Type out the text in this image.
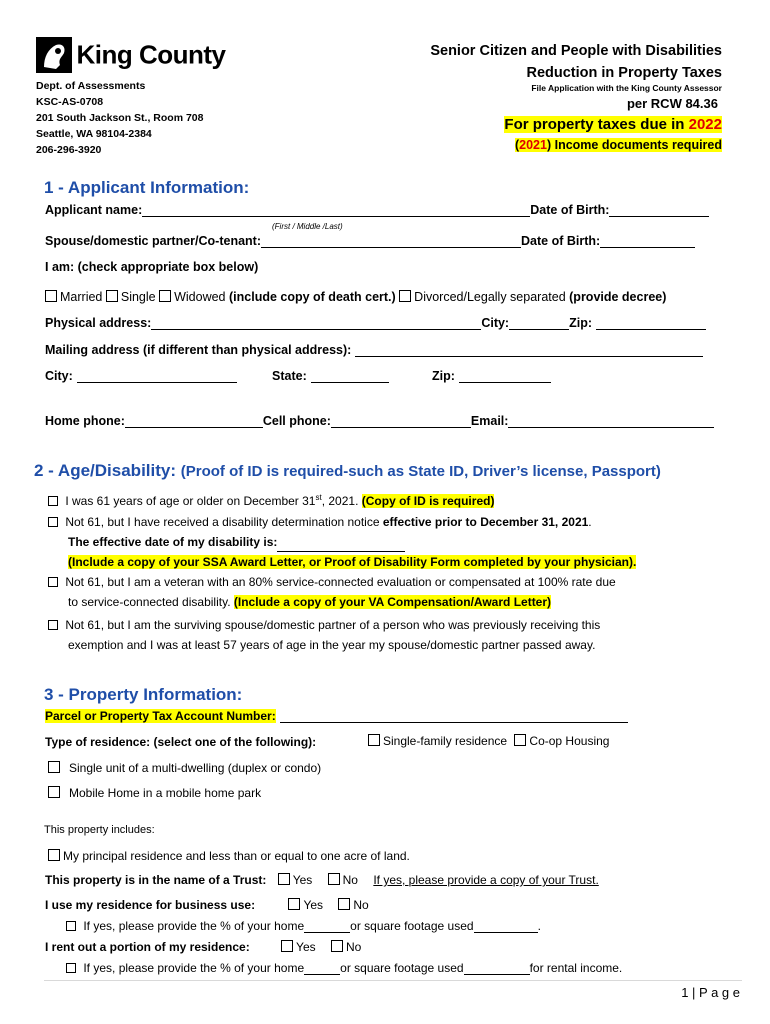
King County
Dept. of Assessments
KSC-AS-0708
201 South Jackson St., Room 708
Seattle, WA 98104-2384
206-296-3920
Senior Citizen and People with Disabilities
Reduction in Property Taxes
File Application with the King County Assessor
per RCW 84.36
For property taxes due in 2022
(2021) Income documents required
1 - Applicant Information:
Applicant name:	Date of Birth:
(First / Middle /Last)
Spouse/domestic partner/Co-tenant:	Date of Birth:
I am: (check appropriate box below)
Married Single Widowed (include copy of death cert.) Divorced/Legally separated (provide decree)
Physical address:	City:	Zip:
Mailing address (if different than physical address):
City:	State:	Zip:
Home phone:	Cell phone:	Email:
2 - Age/Disability: (Proof of ID is required-such as State ID, Driver’s license, Passport)
I was 61 years of age or older on December 31st, 2021. (Copy of ID is required)
Not 61, but I have received a disability determination notice effective prior to December 31, 2021.
The effective date of my disability is:
(Include a copy of your SSA Award Letter, or Proof of Disability Form completed by your physician).
Not 61, but I am a veteran with an 80% service-connected evaluation or compensated at 100% rate due
to service-connected disability. (Include a copy of your VA Compensation/Award Letter)
Not 61, but I am the surviving spouse/domestic partner of a person who was previously receiving this
exemption and I was at least 57 years of age in the year my spouse/domestic partner passed away.
3 - Property Information:
Parcel or Property Tax Account Number:
Type of residence: (select one of the following):	Single-family residence Co-op Housing
Single unit of a multi-dwelling (duplex or condo)
Mobile Home in a mobile home park
This property includes:
My principal residence and less than or equal to one acre of land.
This property is in the name of a Trust: Yes	No If yes, please provide a copy of your Trust.
I use my residence for business use:	Yes	No
If yes, please provide the % of your home	or square footage used	.
I rent out a portion of my residence:	Yes	No
If yes, please provide the % of your home	or square footage used	for rental income.
1 | P a g e
